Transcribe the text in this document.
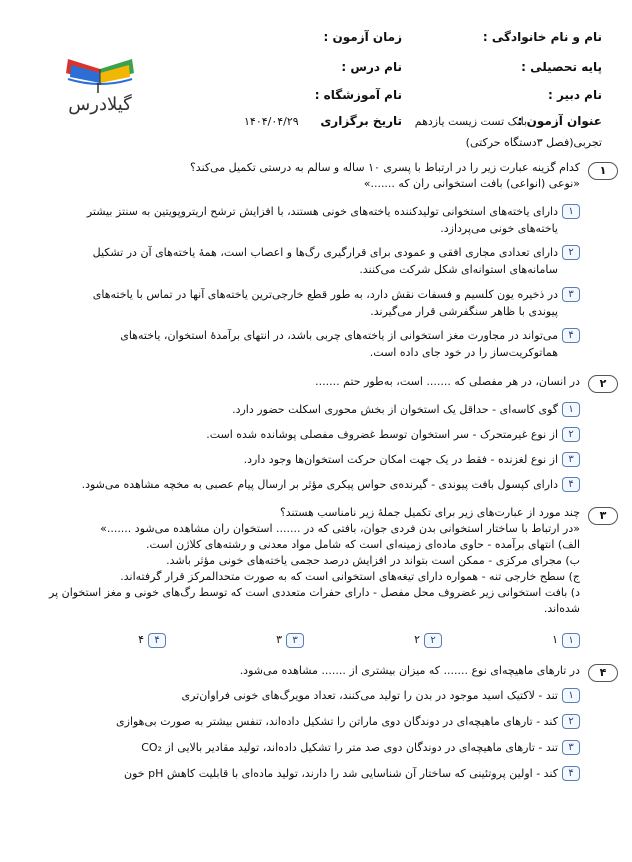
نام و نام خانوادگی :
زمان آزمون :
پایه تحصیلی :
نام درس :
نام دبیر :
نام آموزشگاه :
عنوان آزمون :
بانک تست زیست یازدهم
تجربی(فصل ۳دستگاه حرکتی)
تاریخ برگزاری
۱۴۰۴/۰۴/۲۹
گیلادرس
۱
کدام گزینه عبارت زیر را در ارتباط با پسری ۱۰ ساله و سالم به درستی تکمیل می‌کند؟
«نوعی (انواعی) بافت استخوانی ران که .......»
۱
دارای یاخته‌های استخوانی تولیدکننده یاخته‌های خونی هستند، با افزایش ترشح اریتروپویتین به سنتز بیشتر
یاخته‌های خونی می‌پردازد.
۲
دارای تعدادی مجاری افقی و عمودی برای قرارگیری رگ‌ها و اعصاب است، همهٔ یاخته‌های آن در تشکیل
سامانه‌های استوانه‌ای شکل شرکت می‌کنند.
۳
در ذخیره یون کلسیم و فسفات نقش دارد، به طور قطع خارجی‌ترین یاخته‌های آنها در تماس با یاخته‌های
پیوندی با ظاهر سنگفرشی قرار می‌گیرند.
۴
می‌تواند در مجاورت مغز استخوانی از یاخته‌های چربی باشد، در انتهای برآمدهٔ استخوان، یاخته‌های
هماتوکریت‌ساز را در خود جای داده است.
۲
در انسان، در هر مفصلی که ....... است، به‌طور حتم .......
۱
گوی کاسه‌ای - حداقل یک استخوان از بخش محوری اسکلت حضور دارد.
۲
از نوع غیرمتحرک - سر استخوان توسط غضروف مفصلی پوشانده شده است.
۳
از نوع لغزنده - فقط در یک جهت امکان حرکت استخوان‌ها وجود دارد.
۴
دارای کپسول بافت پیوندی - گیرنده‌ی حواس پیکری مؤثر بر ارسال پیام عصبی به مخچه مشاهده می‌شود.
۳
چند مورد از عبارت‌های زیر برای تکمیل جملهٔ زیر نامناسب هستند؟
«در ارتباط با ساختار استخوانی بدن فردی جوان، بافتی که در ....... استخوان ران مشاهده می‌شود .......»
الف) انتهای برآمده - حاوی ماده‌ای زمینه‌ای است که شامل مواد معدنی و رشته‌های کلاژن است.
ب) مجرای مرکزی - ممکن است بتواند در افزایش درصد حجمی یاخته‌های خونی مؤثر باشد.
ج) سطح خارجی تنه - همواره دارای تیغه‌های استخوانی است که به صورت متحدالمرکز قرار گرفته‌اند.
د) بافت استخوانی زیر غضروف محل مفصل - دارای حفرات متعددی است که توسط رگ‌های خونی و مغز استخوان پر
شده‌اند.
۱
۱
۲
۲
۳
۳
۴
۴
۴
در تارهای ماهیچه‌ای نوع ....... که میزان بیشتری از ....... مشاهده می‌شود.
۱
تند - لاکتیک اسید موجود در بدن را تولید می‌کنند، تعداد مویرگ‌های خونی فراوان‌تری
۲
کند - تارهای ماهیچه‌ای در دوندگان دوی ماراتن را تشکیل داده‌اند، تنفس بیشتر به صورت بی‌هوازی
۳
تند - تارهای ماهیچه‌ای در دوندگان دوی صد متر را تشکیل داده‌اند، تولید مقادیر بالایی از CO₂
۴
کند - اولین پروتئینی که ساختار آن شناسایی شد را دارند، تولید ماده‌ای با قابلیت کاهش pH خون
